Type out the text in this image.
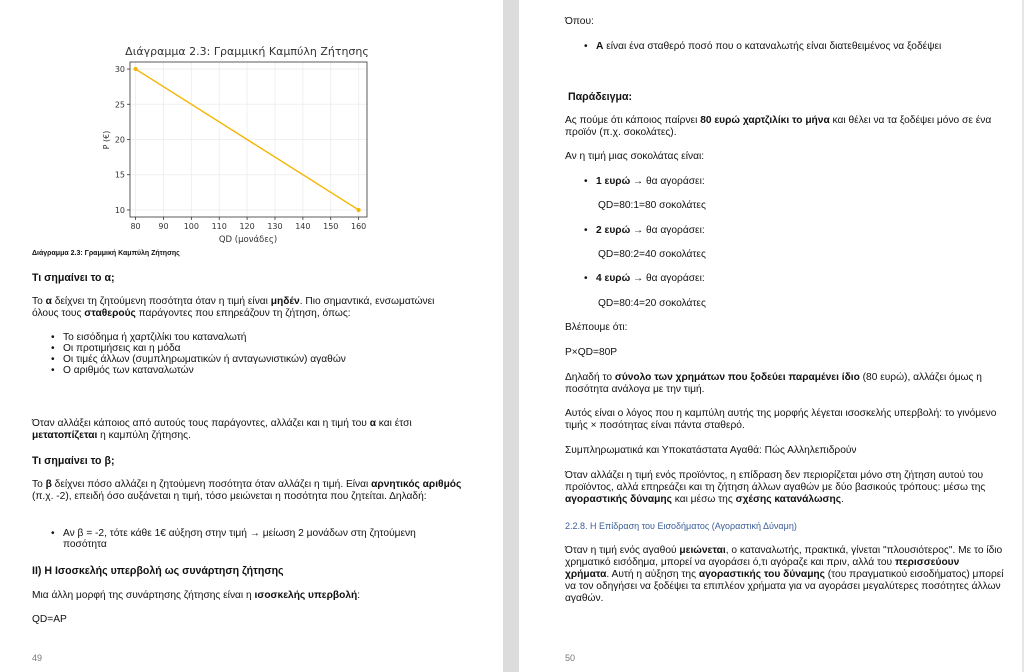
Διάγραμμα 2.3: Γραμμική Καμπύλη Ζήτησης
80 90 100 110 120 130 140 150 160
10
15
20
25
30
QD (μονάδες)
P (€)
Διάγραμμα 2.3: Γραμμική Καμπύλη Ζήτησης
Τι σημαίνει το α;

Το α δείχνει τη ζητούμενη ποσότητα όταν η τιμή είναι μηδέν. Πιο σημαντικά, ενσωματώνει όλους τους σταθερούς παράγοντες που επηρεάζουν τη ζήτηση, όπως:

• Το εισόδημα ή χαρτζιλίκι του καταναλωτή
• Οι προτιμήσεις και η μόδα
• Οι τιμές άλλων (συμπληρωματικών ή ανταγωνιστικών) αγαθών
• Ο αριθμός των καταναλωτών

Όταν αλλάξει κάποιος από αυτούς τους παράγοντες, αλλάζει και η τιμή του α και έτσι μετατοπίζεται η καμπύλη ζήτησης.

Τι σημαίνει το β;

Το β δείχνει πόσο αλλάζει η ζητούμενη ποσότητα όταν αλλάζει η τιμή. Είναι αρνητικός αριθμός (π.χ. -2), επειδή όσο αυξάνεται η τιμή, τόσο μειώνεται η ποσότητα που ζητείται. Δηλαδή:

• Αν β = -2, τότε κάθε 1€ αύξηση στην τιμή → μείωση 2 μονάδων στη ζητούμενη ποσότητα
II) Η Ισοσκελής υπερβολή ως συνάρτηση ζήτησης

Μια άλλη μορφή της συνάρτησης ζήτησης είναι η ισοσκελής υπερβολή:

QD=AP
49
Όπου:
• A είναι ένα σταθερό ποσό που ο καταναλωτής είναι διατεθειμένος να ξοδέψει
Παράδειγμα:

Ας πούμε ότι κάποιος παίρνει 80 ευρώ χαρτζιλίκι το μήνα και θέλει να τα ξοδέψει μόνο σε ένα προϊόν (π.χ. σοκολάτες).

Αν η τιμή μιας σοκολάτας είναι:
• 1 ευρώ → θα αγοράσει:
QD=80:1=80 σοκολάτες
• 2 ευρώ → θα αγοράσει:
QD=80:2=40 σοκολάτες
• 4 ευρώ → θα αγοράσει:
QD=80:4=20 σοκολάτες
Βλέπουμε ότι:
P×QD=80P

Δηλαδή το σύνολο των χρημάτων που ξοδεύει παραμένει ίδιο (80 ευρώ), αλλάζει όμως η ποσότητα ανάλογα με την τιμή.

Αυτός είναι ο λόγος που η καμπύλη αυτής της μορφής λέγεται ισοσκελής υπερβολή: το γινόμενο τιμής × ποσότητας είναι πάντα σταθερό.

Συμπληρωματικά και Υποκατάστατα Αγαθά: Πώς Αλληλεπιδρούν

Όταν αλλάζει η τιμή ενός προϊόντος, η επίδραση δεν περιορίζεται μόνο στη ζήτηση αυτού του προϊόντος, αλλά επηρεάζει και τη ζήτηση άλλων αγαθών με δύο βασικούς τρόπους: μέσω της αγοραστικής δύναμης και μέσω της σχέσης κατανάλωσης.

2.2.8. Η Επίδραση του Εισοδήματος (Αγοραστική Δύναμη)

Όταν η τιμή ενός αγαθού μειώνεται, ο καταναλωτής, πρακτικά, γίνεται "πλουσιότερος". Με το ίδιο χρηματικό εισόδημα, μπορεί να αγοράσει ό,τι αγόραζε και πριν, αλλά του περισσεύουν χρήματα. Αυτή η αύξηση της αγοραστικής του δύναμης (του πραγματικού εισοδήματος) μπορεί να τον οδηγήσει να ξοδέψει τα επιπλέον χρήματα για να αγοράσει μεγαλύτερες ποσότητες άλλων αγαθών.

50
